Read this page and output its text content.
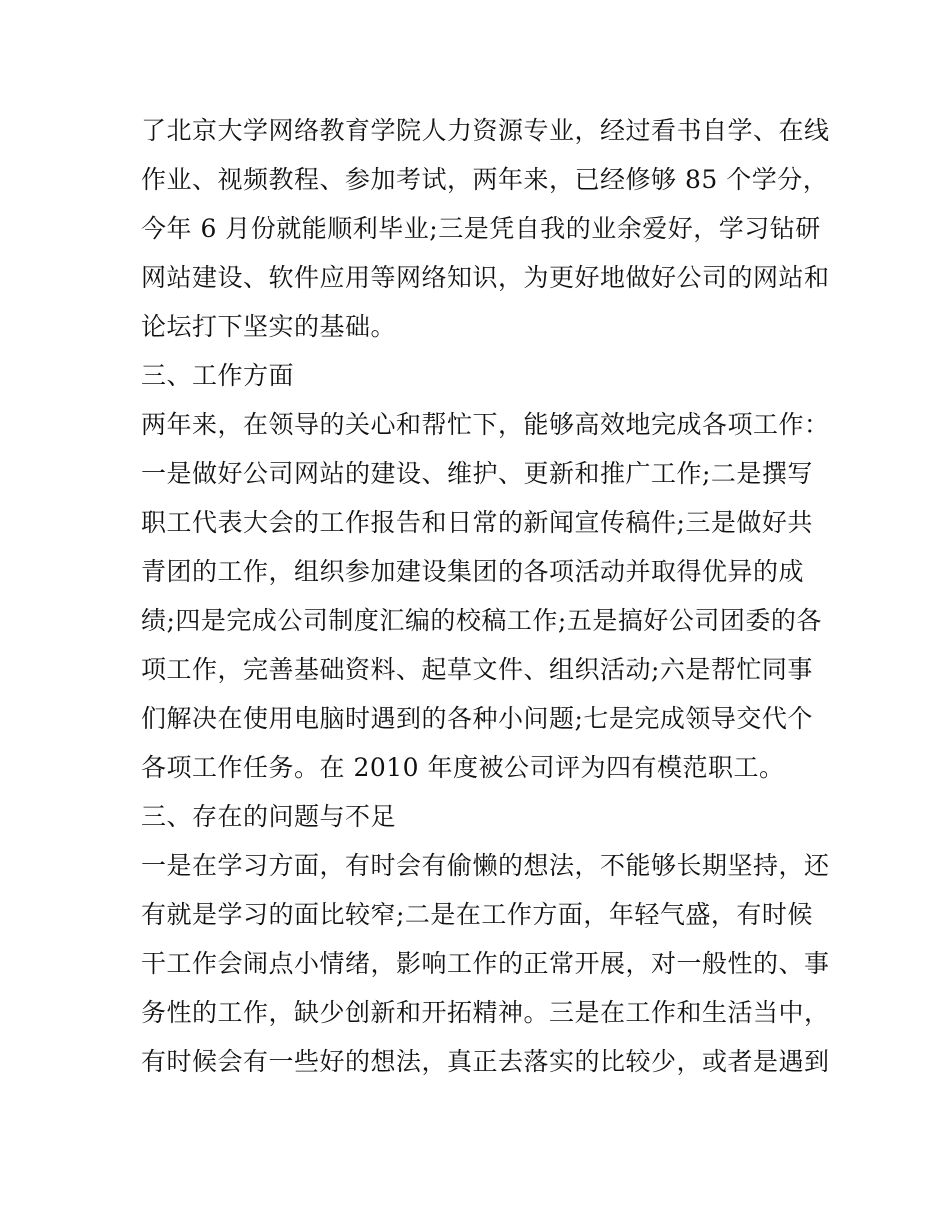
了北京大学网络教育学院人力资源专业，经过看书自学、在线
作业、视频教程、参加考试，两年来，已经修够 85 个学分，
今年 6 月份就能顺利毕业;三是凭自我的业余爱好，学习钻研
网站建设、软件应用等网络知识，为更好地做好公司的网站和
论坛打下坚实的基础。
三、工作方面
两年来，在领导的关心和帮忙下，能够高效地完成各项工作：
一是做好公司网站的建设、维护、更新和推广工作;二是撰写
职工代表大会的工作报告和日常的新闻宣传稿件;三是做好共
青团的工作，组织参加建设集团的各项活动并取得优异的成
绩;四是完成公司制度汇编的校稿工作;五是搞好公司团委的各
项工作，完善基础资料、起草文件、组织活动;六是帮忙同事
们解决在使用电脑时遇到的各种小问题;七是完成领导交代个
各项工作任务。在 2010 年度被公司评为四有模范职工。
三、存在的问题与不足
一是在学习方面，有时会有偷懒的想法，不能够长期坚持，还
有就是学习的面比较窄;二是在工作方面，年轻气盛，有时候
干工作会闹点小情绪，影响工作的正常开展，对一般性的、事
务性的工作，缺少创新和开拓精神。三是在工作和生活当中，
有时候会有一些好的想法，真正去落实的比较少，或者是遇到
